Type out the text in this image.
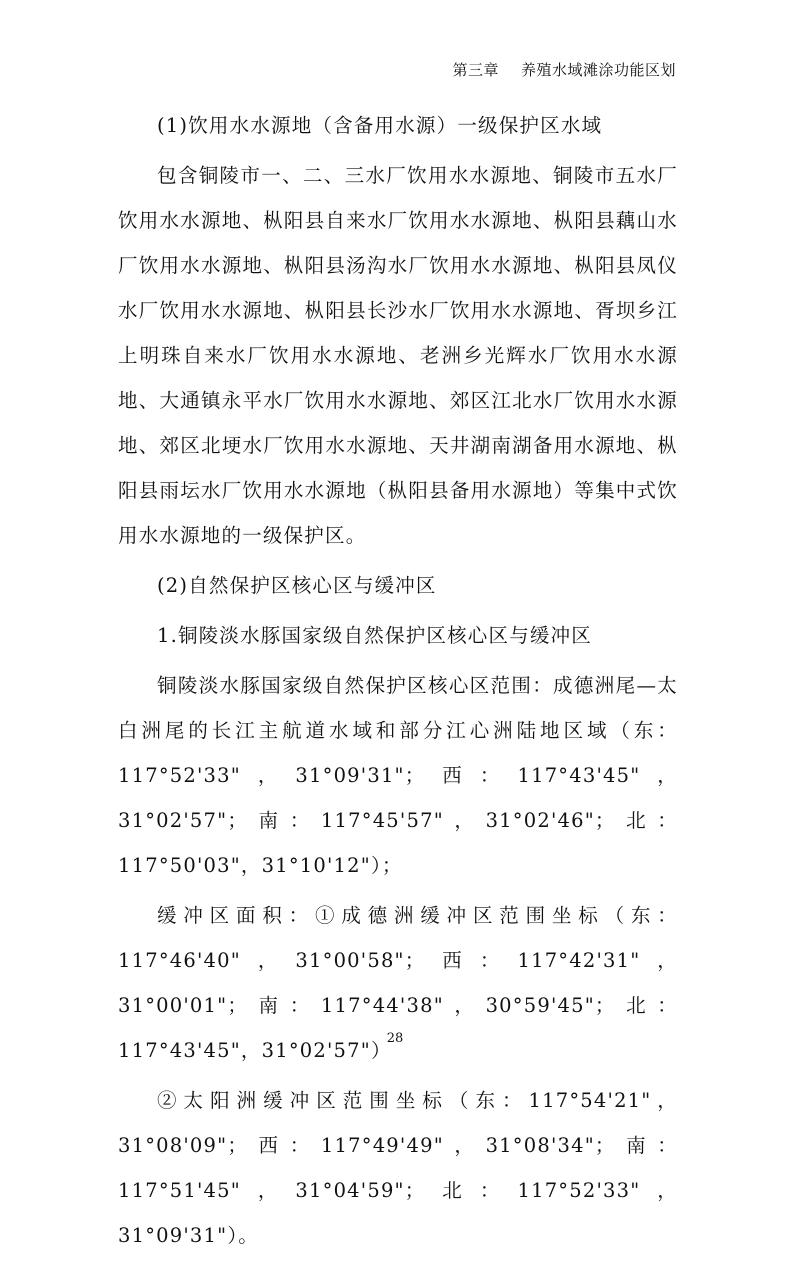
第三章 养殖水域滩涂功能区划

(1)饮用水水源地（含备用水源）一级保护区水域

包含铜陵市一、二、三水厂饮用水水源地、铜陵市五水厂饮用水水源地、枞阳县自来水厂饮用水水源地、枞阳县藕山水厂饮用水水源地、枞阳县汤沟水厂饮用水水源地、枞阳县凤仪水厂饮用水水源地、枞阳县长沙水厂饮用水水源地、胥坝乡江上明珠自来水厂饮用水水源地、老洲乡光辉水厂饮用水水源地、大通镇永平水厂饮用水水源地、郊区江北水厂饮用水水源地、郊区北埂水厂饮用水水源地、天井湖南湖备用水源地、枞阳县雨坛水厂饮用水水源地（枞阳县备用水源地）等集中式饮用水水源地的一级保护区。

(2)自然保护区核心区与缓冲区

1.铜陵淡水豚国家级自然保护区核心区与缓冲区

铜陵淡水豚国家级自然保护区核心区范围：成德洲尾—太白洲尾的长江主航道水域和部分江心洲陆地区域（东：117°52'33"，31°09'31"；西：117°43'45"，31°02'57"；南：117°45'57"，31°02'46"；北：117°50'03"，31°10'12"）；

缓冲区面积：①成德洲缓冲区范围坐标（东：117°46'40"，31°00'58"；西：117°42'31"，31°00'01"；南：117°44'38"，30°59'45"；北：117°43'45"，31°02'57"）

②太阳洲缓冲区范围坐标（东：117°54'21"，31°08'09"；西：117°49'49"，31°08'34"；南：117°51'45"，31°04'59"；北：117°52'33"，31°09'31"）。

28
